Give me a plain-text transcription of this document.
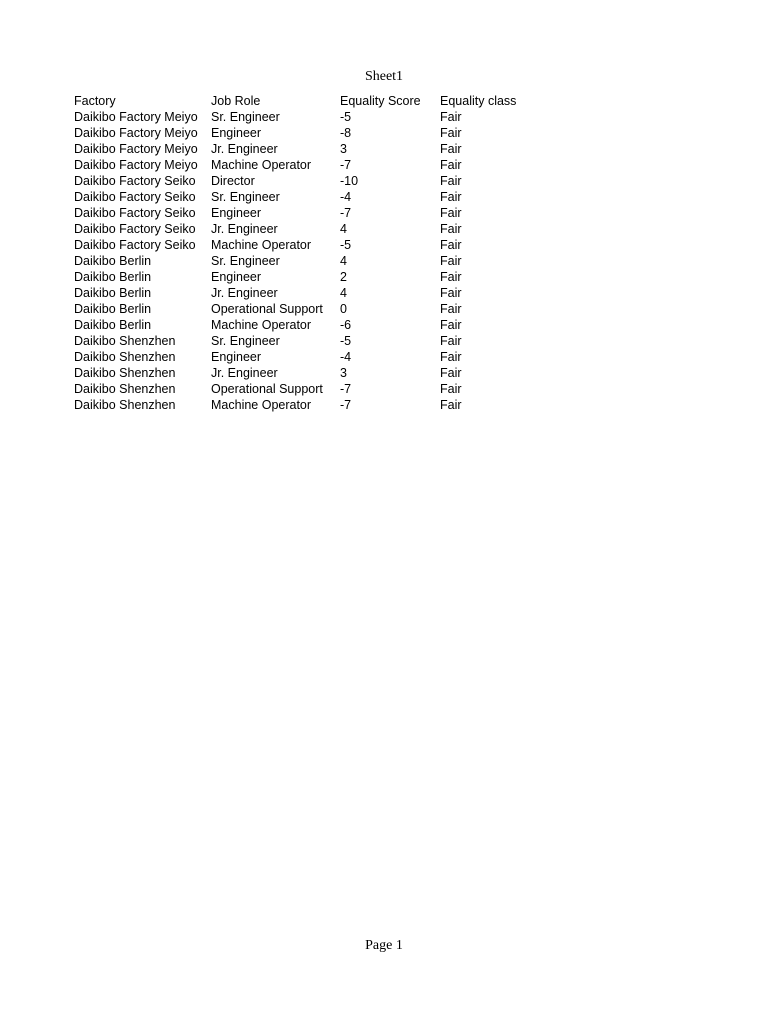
Sheet1
Factory	Job Role	Equality Score	Equality class
Daikibo Factory Meiyo	Sr. Engineer	-5	Fair
Daikibo Factory Meiyo	Engineer	-8	Fair
Daikibo Factory Meiyo	Jr. Engineer	3	Fair
Daikibo Factory Meiyo	Machine Operator	-7	Fair
Daikibo Factory Seiko	Director	-10	Fair
Daikibo Factory Seiko	Sr. Engineer	-4	Fair
Daikibo Factory Seiko	Engineer	-7	Fair
Daikibo Factory Seiko	Jr. Engineer	4	Fair
Daikibo Factory Seiko	Machine Operator	-5	Fair
Daikibo Berlin	Sr. Engineer	4	Fair
Daikibo Berlin	Engineer	2	Fair
Daikibo Berlin	Jr. Engineer	4	Fair
Daikibo Berlin	Operational Support	0	Fair
Daikibo Berlin	Machine Operator	-6	Fair
Daikibo Shenzhen	Sr. Engineer	-5	Fair
Daikibo Shenzhen	Engineer	-4	Fair
Daikibo Shenzhen	Jr. Engineer	3	Fair
Daikibo Shenzhen	Operational Support	-7	Fair
Daikibo Shenzhen	Machine Operator	-7	Fair
Page 1
